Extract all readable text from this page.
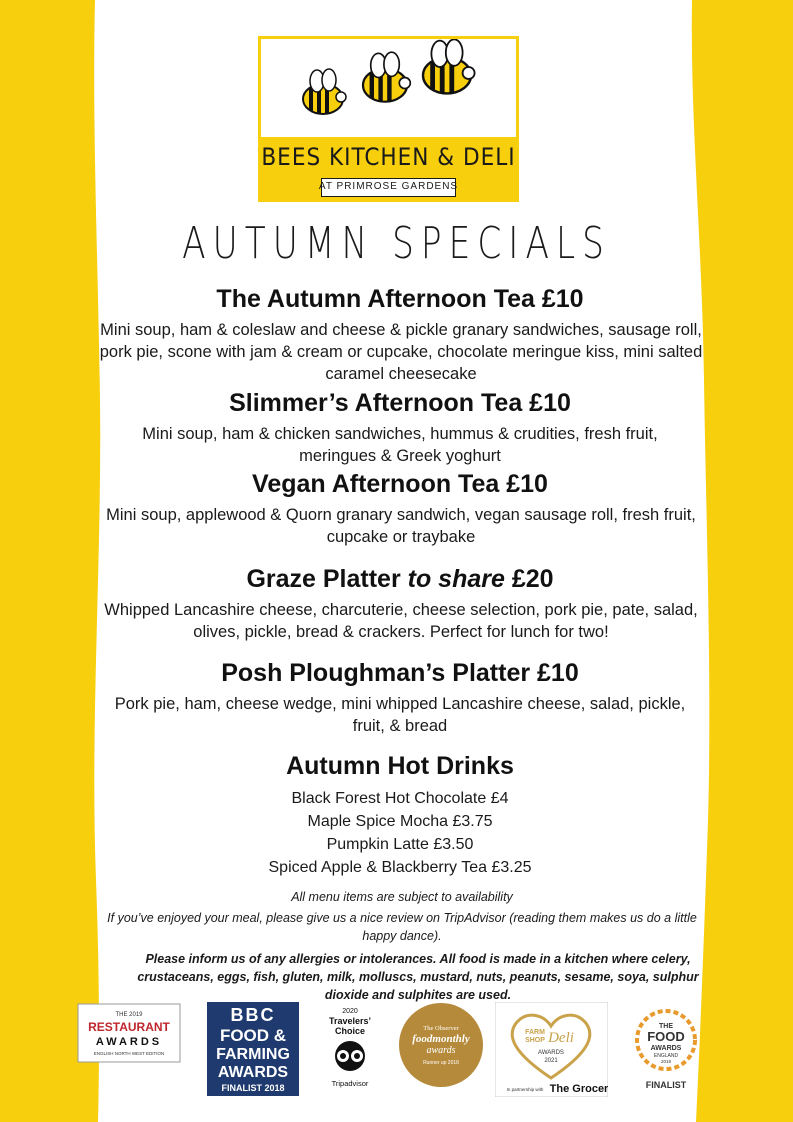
BEES KITCHEN & DELI
AT PRIMROSE GARDENS
AUTUMN SPECIALS
The Autumn Afternoon Tea £10
Mini soup, ham & coleslaw and cheese & pickle granary sandwiches, sausage roll, pork pie, scone with jam & cream or cupcake, chocolate meringue kiss, mini salted caramel cheesecake
Slimmer’s Afternoon Tea £10
Mini soup, ham & chicken sandwiches, hummus & crudities, fresh fruit, meringues & Greek yoghurt
Vegan Afternoon Tea £10
Mini soup, applewood & Quorn granary sandwich, vegan sausage roll, fresh fruit, cupcake or traybake
Graze Platter to share £20
Whipped Lancashire cheese, charcuterie, cheese selection, pork pie, pate, salad, olives, pickle, bread & crackers. Perfect for lunch for two!
Posh Ploughman’s Platter £10
Pork pie, ham, cheese wedge, mini whipped Lancashire cheese, salad, pickle, fruit, & bread
Autumn Hot Drinks
Black Forest Hot Chocolate £4
Maple Spice Mocha £3.75
Pumpkin Latte £3.50
Spiced Apple & Blackberry Tea £3.25
All menu items are subject to availability
If you’ve enjoyed your meal, please give us a nice review on TripAdvisor (reading them makes us do a little happy dance).
Please inform us of any allergies or intolerances. All food is made in a kitchen where celery, crustaceans, eggs, fish, gluten, milk, molluscs, mustard, nuts, peanuts, sesame, soya, sulphur dioxide and sulphites are used.
THE 2019
RESTAURANT
AWARDS
ENGLISH NORTH WEST EDITION
BBC
FOOD &
FARMING
AWARDS
FINALIST 2018
2020
Travelers’
Choice
Tripadvisor
The Observer
foodmonthly
awards
Runner up 2018
FARM
SHOP Deli
AWARDS
2021
In partnership with The Grocer
THE
FOOD
AWARDS
ENGLAND
2019
FINALIST
